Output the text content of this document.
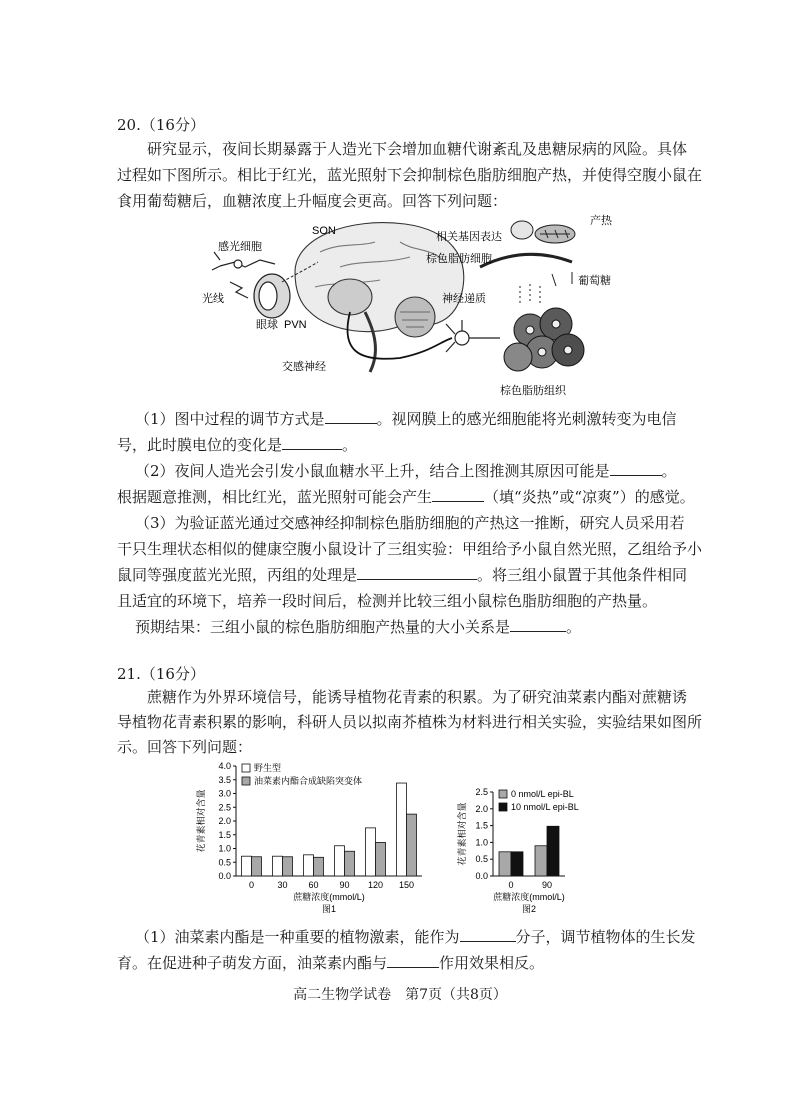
20.（16分）
研究显示，夜间长期暴露于人造光下会增加血糖代谢紊乱及患糖尿病的风险。具体
过程如下图所示。相比于红光，蓝光照射下会抑制棕色脂肪细胞产热，并使得空腹小鼠在
食用葡萄糖后，血糖浓度上升幅度会更高。回答下列问题：
SON
感光细胞
光线
眼球 PVN
交感神经
相关基因表达
产热
棕色脂肪细胞
葡萄糖
神经递质
棕色脂肪组织
（1）图中过程的调节方式是	。视网膜上的感光细胞能将光刺激转变为电信
号，此时膜电位的变化是	。
（2）夜间人造光会引发小鼠血糖水平上升，结合上图推测其原因可能是	。
根据题意推测，相比红光，蓝光照射可能会产生	（填“炎热”或“凉爽”）的感觉。
（3）为验证蓝光通过交感神经抑制棕色脂肪细胞的产热这一推断，研究人员采用若
干只生理状态相似的健康空腹小鼠设计了三组实验：甲组给予小鼠自然光照，乙组给予小
鼠同等强度蓝光光照，丙组的处理是	。将三组小鼠置于其他条件相同
且适宜的环境下，培养一段时间后，检测并比较三组小鼠棕色脂肪细胞的产热量。
预期结果：三组小鼠的棕色脂肪细胞产热量的大小关系是	。
21.（16分）
蔗糖作为外界环境信号，能诱导植物花青素的积累。为了研究油菜素内酯对蔗糖诱
导植物花青素积累的影响，科研人员以拟南芥植株为材料进行相关实验，实验结果如图所
示。回答下列问题：
0.0
0.5
1.0
1.5
2.0
2.5
3.0
3.5
4.0
0	30 60 90 120 150
蔗糖浓度(mmol/L)
图1
花青素相对含量
野生型
油菜素内酯合成缺陷突变体
0.0
0.5
1.0
1.5
2.0
2.5
0	90
蔗糖浓度(mmol/L)
图2
花青素相对含量
0 nmol/L epi-BL
10 nmol/L epi-BL
（1）油菜素内酯是一种重要的植物激素，能作为	分子，调节植物体的生长发
育。在促进种子萌发方面，油菜素内酯与	作用效果相反。
高二生物学试卷　第7页（共8页）
